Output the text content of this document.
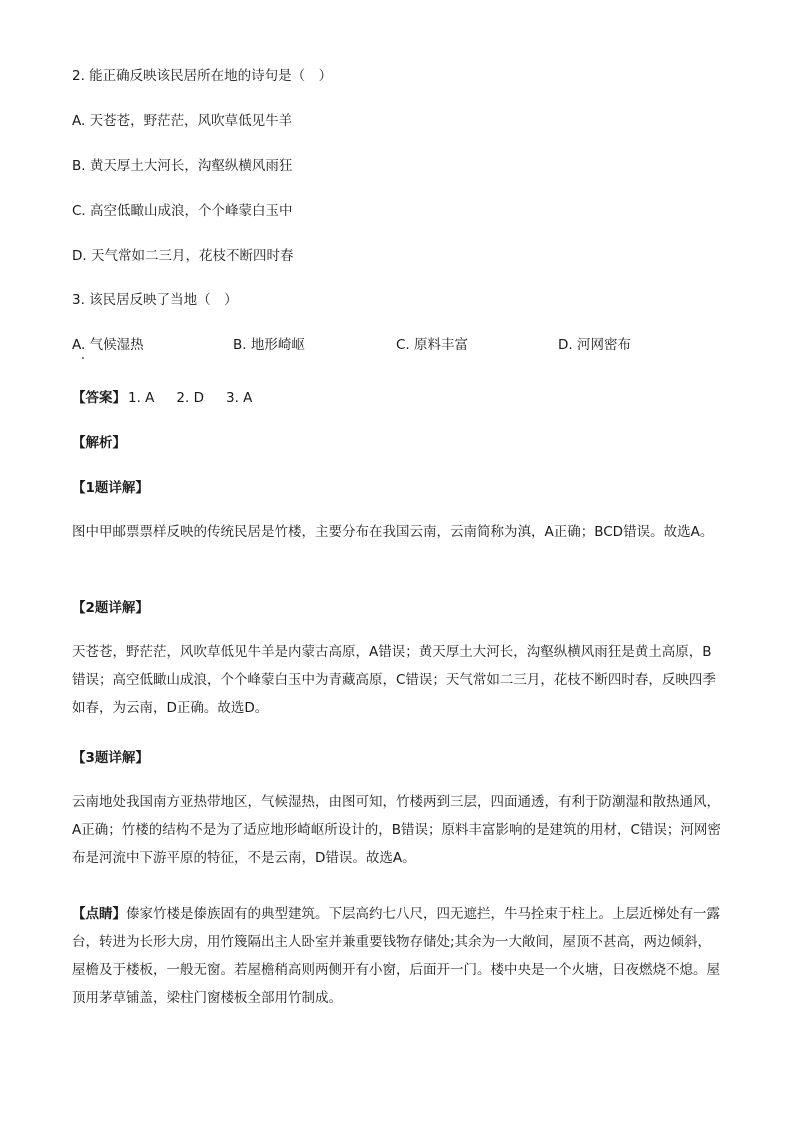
2. 能正确反映该民居所在地的诗句是（　）
A. 天苍苍，野茫茫，风吹草低见牛羊
B. 黄天厚土大河长，沟壑纵横风雨狂
C. 高空低瞰山成浪，个个峰蒙白玉中
D. 天气常如二三月，花枝不断四时春
3. 该民居反映了当地（　）
A. 气候湿热	B. 地形崎岖	C. 原料丰富	D. 河网密布
【答案】 1. A 2. D 3. A
【解析】
【1题详解】
图中甲邮票票样反映的传统民居是竹楼，主要分布在我国云南，云南简称为滇，A正确；BCD错误。故选A。
【2题详解】
天苍苍，野茫茫，风吹草低见牛羊是内蒙古高原，A错误；黄天厚土大河长，沟壑纵横风雨狂是黄土高原，B错误；高空低瞰山成浪，个个峰蒙白玉中为青藏高原，C错误；天气常如二三月，花枝不断四时春，反映四季如春，为云南，D正确。故选D。
【3题详解】
云南地处我国南方亚热带地区，气候湿热，由图可知，竹楼两到三层，四面通透，有利于防潮湿和散热通风，A正确；竹楼的结构不是为了适应地形崎岖所设计的，B错误；原料丰富影响的是建筑的用材，C错误；河网密布是河流中下游平原的特征，不是云南，D错误。故选A。
【点睛】傣家竹楼是傣族固有的典型建筑。下层高约七八尺，四无遮拦，牛马拴束于柱上。上层近梯处有一露台，转进为长形大房，用竹篾隔出主人卧室并兼重要钱物存储处;其余为一大敞间，屋顶不甚高，两边倾斜，屋檐及于楼板，一般无窗。若屋檐稍高则两侧开有小窗，后面开一门。楼中央是一个火塘，日夜燃烧不熄。屋顶用茅草铺盖，梁柱门窗楼板全部用竹制成。
